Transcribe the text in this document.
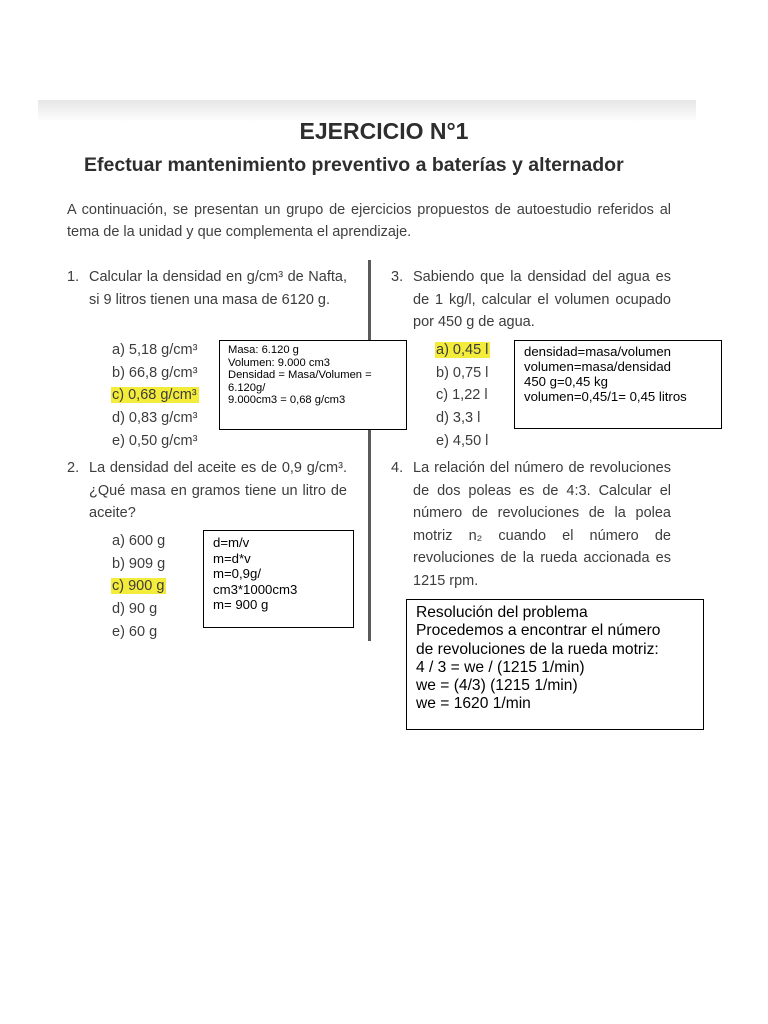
EJERCICIO N°1
Efectuar mantenimiento preventivo a baterías y alternador
A continuación, se presentan un grupo de ejercicios propuestos de autoestudio referidos al tema de la unidad y que complementa el aprendizaje.
1. Calcular la densidad en g/cm³ de Nafta, si 9 litros tienen una masa de 6120 g.
a) 5,18 g/cm³
b) 66,8 g/cm³
c) 0,68 g/cm³
d) 0,83 g/cm³
e) 0,50 g/cm³
2. La densidad del aceite es de 0,9 g/cm³. ¿Qué masa en gramos tiene un litro de aceite?
a) 600 g
b) 909 g
c) 900 g
d) 90 g
e) 60 g
3. Sabiendo que la densidad del agua es de 1 kg/l, calcular el volumen ocupado por 450 g de agua.
a) 0,45 l
b) 0,75 l
c) 1,22 l
d) 3,3 l
e) 4,50 l
4. La relación del número de revoluciones de dos poleas es de 4:3. Calcular el número de revoluciones de la polea motriz n₂ cuando el número de revoluciones de la rueda accionada es 1215 rpm.
Masa: 6.120 g
Volumen: 9.000 cm3
Densidad = Masa/Volumen = 6.120g/
9.000cm3 = 0,68 g/cm3
densidad=masa/volumen
volumen=masa/densidad
450 g=0,45 kg
volumen=0,45/1= 0,45 litros
d=m/v
m=d*v
m=0,9g/
cm3*1000cm3
m= 900 g	Resolución del problema
Procedemos a encontrar el número
de revoluciones de la rueda motriz:
4 / 3 = we / (1215 1/min)
we = (4/3) (1215 1/min)
we = 1620 1/min
